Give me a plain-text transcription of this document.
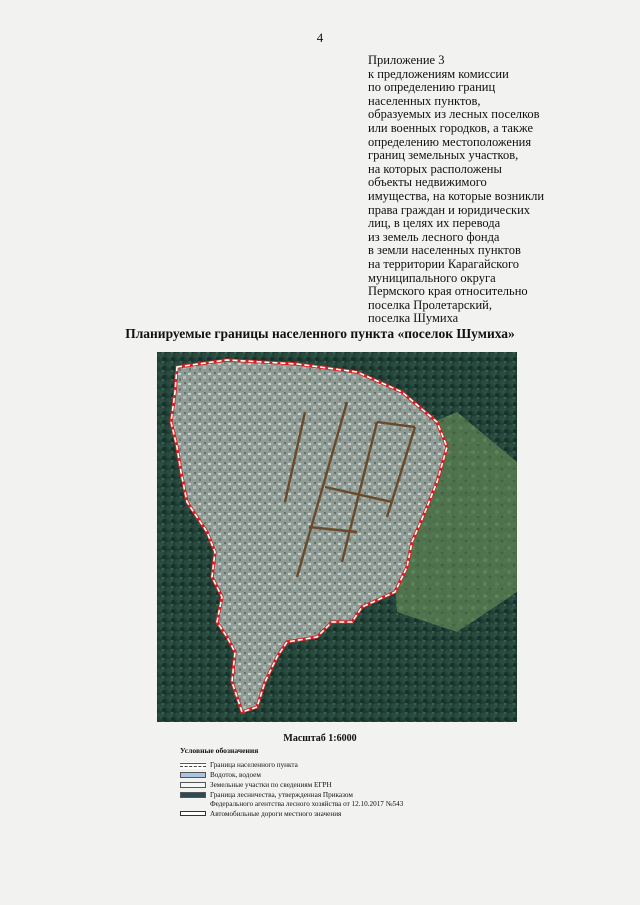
4
Приложение 3
к предложениям комиссии
по определению границ
населенных пунктов,
образуемых из лесных поселков
или военных городков, а также
определению местоположения
границ земельных участков,
на которых расположены
объекты недвижимого
имущества, на которые возникли
права граждан и юридических
лиц, в целях их перевода
из земель лесного фонда
в земли населенных пунктов
на территории Карагайского
муниципального округа
Пермского края относительно
поселка Пролетарский,
поселка Шумиха
Планируемые границы населенного пункта «поселок Шумиха»
Масштаб 1:6000
Условные обозначения
Граница населенного пункта
Водоток, водоем
Земельные участки по сведениям ЕГРН
Граница лесничества, утвержденная Приказом
Федерального агентства лесного хозяйства от 12.10.2017 №543
Автомобильные дороги местного значения
